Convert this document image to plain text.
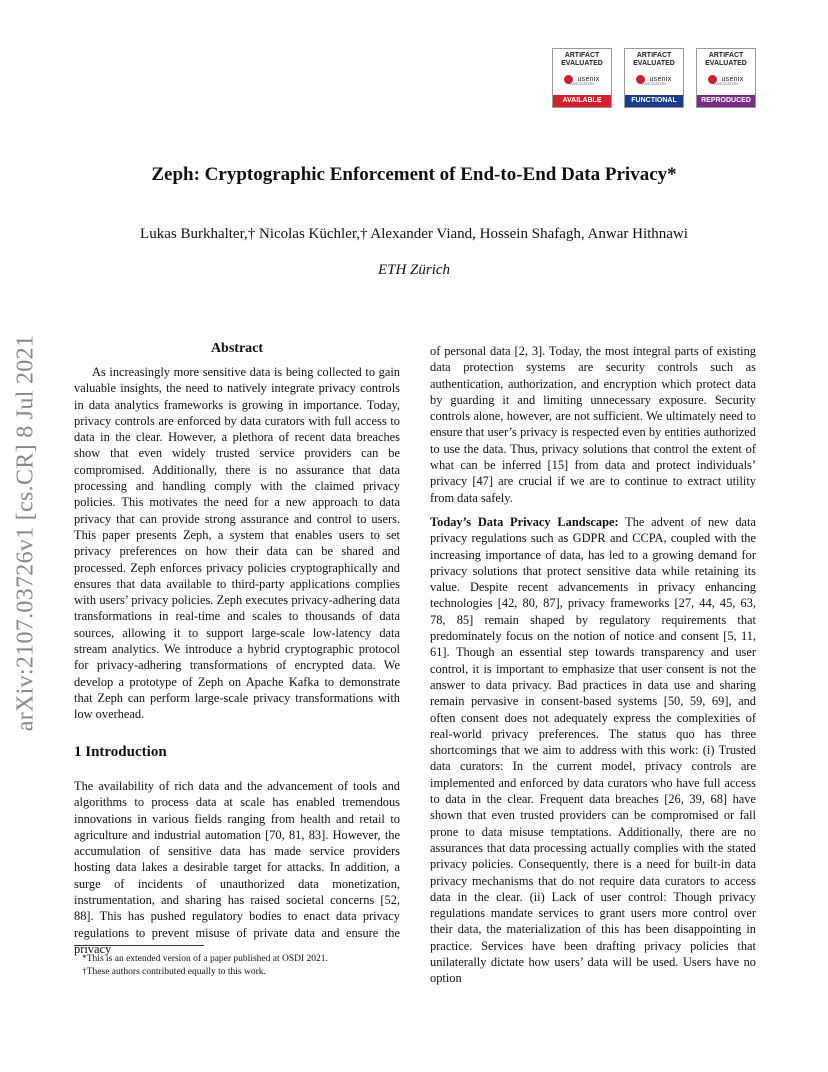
ARTIFACT EVALUATED
usenix
ASSOCIATION
AVAILABLE
ARTIFACT EVALUATED
usenix
ASSOCIATION
FUNCTIONAL
ARTIFACT EVALUATED
usenix
ASSOCIATION
REPRODUCED
arXiv:2107.03726v1 [cs.CR] 8 Jul 2021
Zeph: Cryptographic Enforcement of End-to-End Data Privacy*
Lukas Burkhalter,† Nicolas Küchler,† Alexander Viand, Hossein Shafagh, Anwar Hithnawi
ETH Zürich
Abstract

As increasingly more sensitive data is being collected to gain valuable insights, the need to natively integrate privacy controls in data analytics frameworks is growing in importance. Today, privacy controls are enforced by data curators with full access to data in the clear. However, a plethora of recent data breaches show that even widely trusted service providers can be compromised. Additionally, there is no assurance that data processing and handling comply with the claimed privacy policies. This motivates the need for a new approach to data privacy that can provide strong assurance and control to users. This paper presents Zeph, a system that enables users to set privacy preferences on how their data can be shared and processed. Zeph enforces privacy policies cryptographically and ensures that data available to third-party applications complies with users’ privacy policies. Zeph executes privacy-adhering data transformations in real-time and scales to thousands of data sources, allowing it to support large-scale low-latency data stream analytics. We introduce a hybrid cryptographic protocol for privacy-adhering transformations of encrypted data. We develop a prototype of Zeph on Apache Kafka to demonstrate that Zeph can perform large-scale privacy transformations with low overhead.

1 Introduction

The availability of rich data and the advancement of tools and algorithms to process data at scale has enabled tremendous innovations in various fields ranging from health and retail to agriculture and industrial automation [70, 81, 83]. However, the accumulation of sensitive data has made service providers hosting data lakes a desirable target for attacks. In addition, a surge of incidents of unauthorized data monetization, instrumentation, and sharing has raised societal concerns [52, 88]. This has pushed regulatory bodies to enact data privacy regulations to prevent misuse of private data and ensure the privacy

*This is an extended version of a paper published at OSDI 2021.
†These authors contributed equally to this work.

of personal data [2, 3]. Today, the most integral parts of existing data protection systems are security controls such as authentication, authorization, and encryption which protect data by guarding it and limiting unnecessary exposure. Security controls alone, however, are not sufficient. We ultimately need to ensure that user’s privacy is respected even by entities authorized to use the data. Thus, privacy solutions that control the extent of what can be inferred [15] from data and protect individuals’ privacy [47] are crucial if we are to continue to extract utility from data safely.

Today’s Data Privacy Landscape: The advent of new data privacy regulations such as GDPR and CCPA, coupled with the increasing importance of data, has led to a growing demand for privacy solutions that protect sensitive data while retaining its value. Despite recent advancements in privacy enhancing technologies [42, 80, 87], privacy frameworks [27, 44, 45, 63, 78, 85] remain shaped by regulatory requirements that predominately focus on the notion of notice and consent [5, 11, 61]. Though an essential step towards transparency and user control, it is important to emphasize that user consent is not the answer to data privacy. Bad practices in data use and sharing remain pervasive in consent-based systems [50, 59, 69], and often consent does not adequately express the complexities of real-world privacy preferences. The status quo has three shortcomings that we aim to address with this work: (i) Trusted data curators: In the current model, privacy controls are implemented and enforced by data curators who have full access to data in the clear. Frequent data breaches [26, 39, 68] have shown that even trusted providers can be compromised or fall prone to data misuse temptations. Additionally, there are no assurances that data processing actually complies with the stated privacy policies. Consequently, there is a need for built-in data privacy mechanisms that do not require data curators to access data in the clear. (ii) Lack of user control: Though privacy regulations mandate services to grant users more control over their data, the materialization of this has been disappointing in practice. Services have been drafting privacy policies that unilaterally dictate how users’ data will be used. Users have no option
